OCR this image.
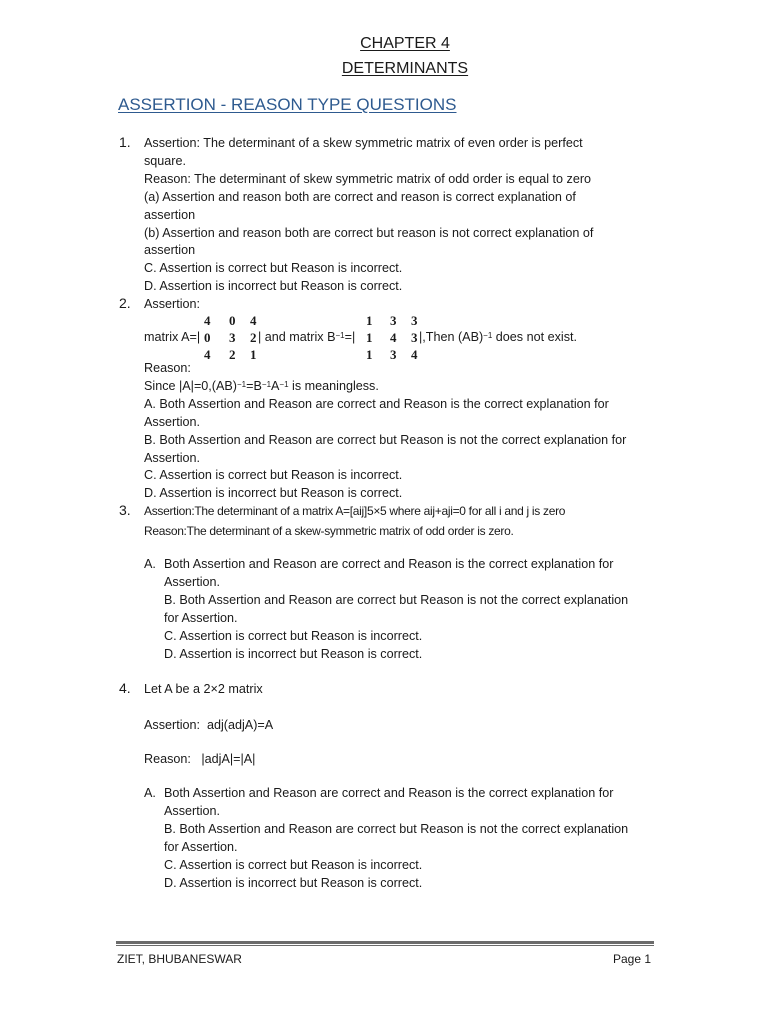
CHAPTER 4
DETERMINANTS
ASSERTION - REASON TYPE QUESTIONS
1. Assertion: The determinant of a skew symmetric matrix of even order is perfect
square.
Reason: The determinant of skew symmetric matrix of odd order is equal to zero
(a) Assertion and reason both are correct and reason is correct explanation of
assertion
(b) Assertion and reason both are correct but reason is not correct explanation of
assertion
C. Assertion is correct but Reason is incorrect.
D. Assertion is incorrect but Reason is correct.
2. Assertion:
4 0 4
4 2 1
1 3 3
1 3 4
matrix A=| 0 3 2 | and matrix $B^{-1}=|$ 1 4 3 |,Then (AB)$^{-1}$ does not exist.
Reason:
Since $|A|=0,(AB)^{-1}=B^{-1}A^{-1}$ is meaningless.
A. Both Assertion and Reason are correct and Reason is the correct explanation for
Assertion.
B. Both Assertion and Reason are correct but Reason is not the correct explanation for
Assertion.
C. Assertion is correct but Reason is incorrect.
D. Assertion is incorrect but Reason is correct.
3. Assertion:The determinant of a matrix A=[aij]5×5 where aij+aji=0 for all i and j is zero
Reason:The determinant of a skew-symmetric matrix of odd order is zero.
A. Both Assertion and Reason are correct and Reason is the correct explanation for
Assertion.
B. Both Assertion and Reason are correct but Reason is not the correct explanation
for Assertion.
C. Assertion is correct but Reason is incorrect.
D. Assertion is incorrect but Reason is correct.
4. Let A be a 2×2 matrix
Assertion:  adj(adjA)=A
Reason:   |adjA|=|A|
A. Both Assertion and Reason are correct and Reason is the correct explanation for
Assertion.
B. Both Assertion and Reason are correct but Reason is not the correct explanation
for Assertion.
C. Assertion is correct but Reason is incorrect.
D. Assertion is incorrect but Reason is correct.
ZIET, BHUBANESWAR	Page 1
